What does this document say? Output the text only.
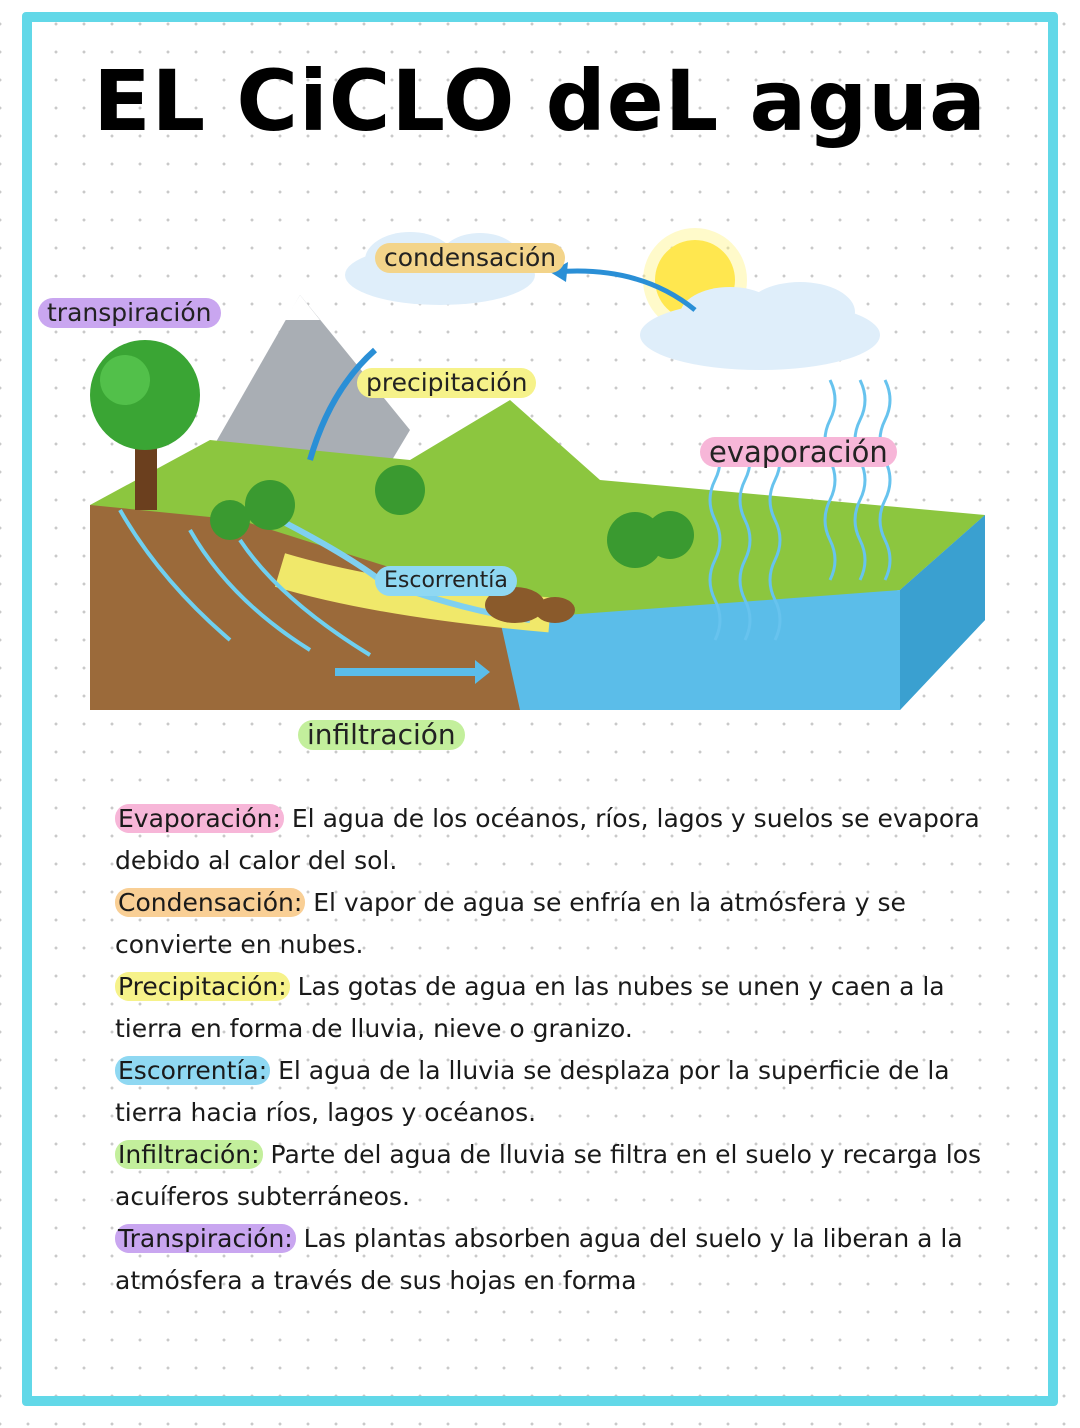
EL CiCLO deL agua
condensación
transpiración
precipitación
evaporación
Escorrentía
infiltración

Evaporación: El agua de los océanos, ríos, lagos y suelos se evapora debido al calor del sol.

Condensación: El vapor de agua se enfría en la atmósfera y se convierte en nubes.

Precipitación: Las gotas de agua en las nubes se unen y caen a la tierra en forma de lluvia, nieve o granizo.

Escorrentía: El agua de la lluvia se desplaza por la superficie de la tierra hacia ríos, lagos y océanos.

Infiltración: Parte del agua de lluvia se filtra en el suelo y recarga los acuíferos subterráneos.

Transpiración: Las plantas absorben agua del suelo y la liberan a la atmósfera a través de sus hojas en forma
